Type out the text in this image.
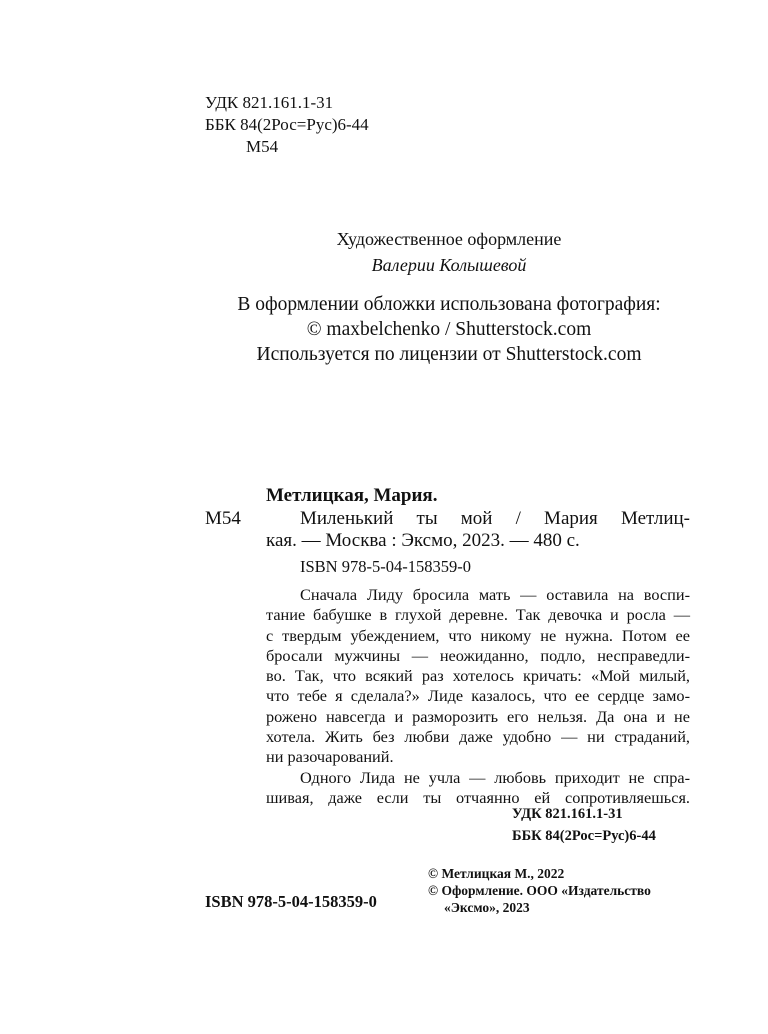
УДК 821.161.1-31
ББК 84(2Рос=Рус)6-44
М54
Художественное оформление
Валерии Колышевой
В оформлении обложки использована фотография:
© maxbelchenko / Shutterstock.com
Используется по лицензии от Shutterstock.com
Метлицкая, Мария.
М54	Миленький ты мой / Мария Метлиц-
кая. — Москва : Эксмо, 2023. — 480 с.
ISBN 978-5-04-158359-0
Сначала Лиду бросила мать — оставила на воспи-
тание бабушке в глухой деревне. Так девочка и росла —
с твердым убеждением, что никому не нужна. Потом ее
бросали мужчины — неожиданно, подло, несправедли-
во. Так, что всякий раз хотелось кричать: «Мой милый,
что тебе я сделала?» Лиде казалось, что ее сердце замо-
рожено навсегда и разморозить его нельзя. Да она и не
хотела. Жить без любви даже удобно — ни страданий,
ни разочарований.
Одного Лида не учла — любовь приходит не спра-
шивая, даже если ты отчаянно ей сопротивляешься.
УДК 821.161.1-31
ББК 84(2Рос=Рус)6-44
ISBN 978-5-04-158359-0
© Метлицкая М., 2022
© Оформление. ООО «Издательство
«Эксмо», 2023
